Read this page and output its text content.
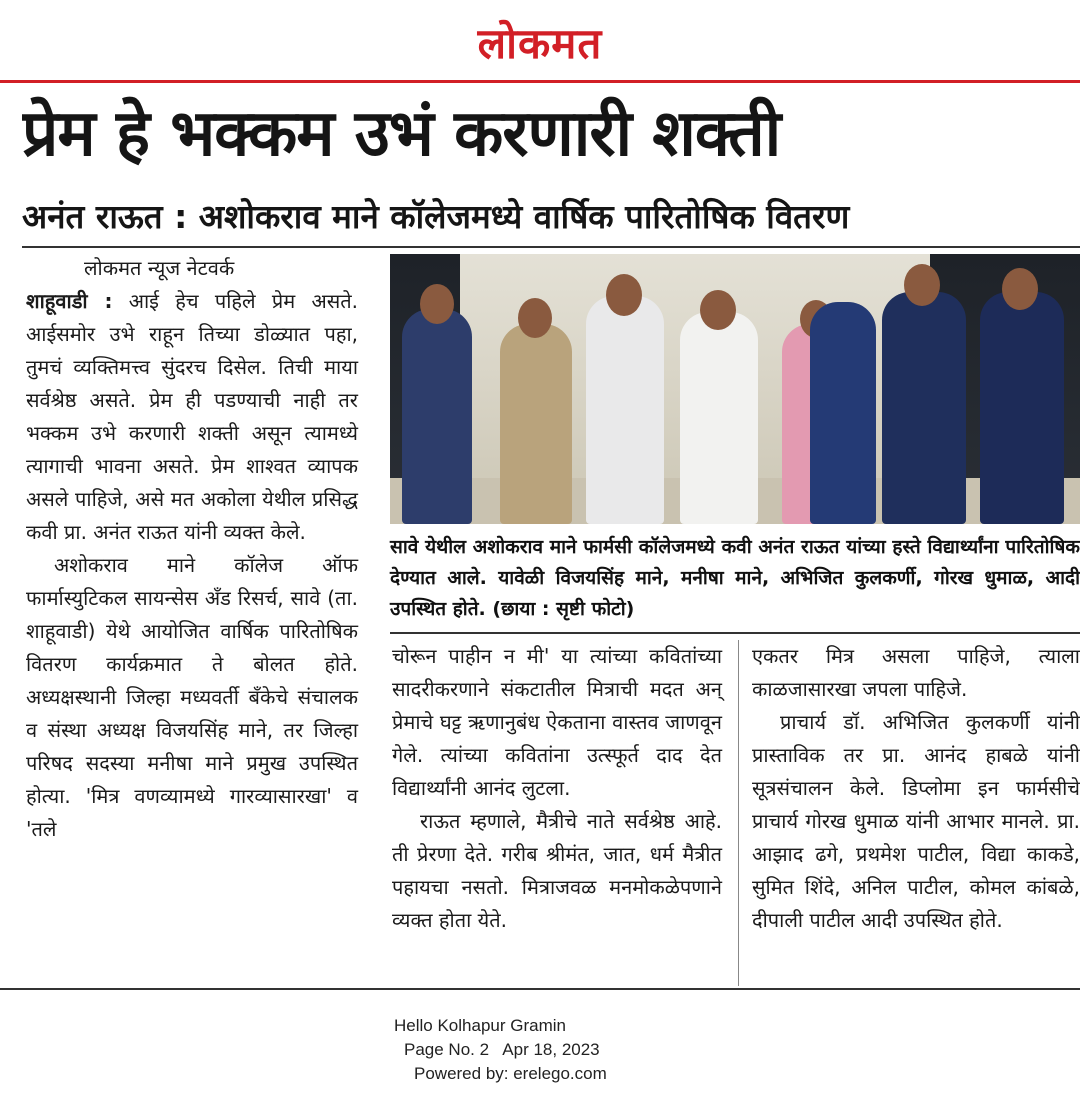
लोकमत
प्रेम हे भक्कम उभं करणारी शक्ती
अनंत राऊत : अशोकराव माने कॉलेजमध्ये वार्षिक पारितोषिक वितरण

लोकमत न्यूज नेटवर्क

शाहूवाडी : आई हेच पहिले प्रेम असते. आईसमोर उभे राहून तिच्या डोळ्यात पहा, तुमचं व्यक्तिमत्त्व सुंदरच दिसेल. तिची माया सर्वश्रेष्ठ असते. प्रेम ही पडण्याची नाही तर भक्कम उभे करणारी शक्ती असून त्यामध्ये त्यागाची भावना असते. प्रेम शाश्वत व्यापक असले पाहिजे, असे मत अकोला येथील प्रसिद्ध कवी प्रा. अनंत राऊत यांनी व्यक्त केले.

अशोकराव माने कॉलेज ऑफ फार्मास्युटिकल सायन्सेस अँड रिसर्च, सावे (ता. शाहूवाडी) येथे आयोजित वार्षिक पारितोषिक वितरण कार्यक्रमात ते बोलत होते. अध्यक्षस्थानी जिल्हा मध्यवर्ती बँकेचे संचालक व संस्था अध्यक्ष विजयसिंह माने, तर जिल्हा परिषद सदस्या मनीषा माने प्रमुख उपस्थित होत्या. 'मित्र वणव्यामध्ये गारव्यासारखा' व 'तले

सावे येथील अशोकराव माने फार्मसी कॉलेजमध्ये कवी अनंत राऊत यांच्या हस्ते विद्यार्थ्यांना पारितोषिक देण्यात आले. यावेळी विजयसिंह माने, मनीषा माने, अभिजित कुलकर्णी, गोरख धुमाळ, आदी उपस्थित होते. (छाया : सृष्टी फोटो)

चोरून पाहीन न मी' या त्यांच्या कवितांच्या सादरीकरणाने संकटातील मित्राची मदत अन् प्रेमाचे घट्ट ऋणानुबंध ऐकताना वास्तव जाणवून गेले. त्यांच्या कवितांना उत्स्फूर्त दाद देत विद्यार्थ्यांनी आनंद लुटला.

राऊत म्हणाले, मैत्रीचे नाते सर्वश्रेष्ठ आहे. ती प्रेरणा देते. गरीब श्रीमंत, जात, धर्म मैत्रीत पहायचा नसतो. मित्राजवळ मनमोकळेपणाने व्यक्त होता येते.

एकतर मित्र असला पाहिजे, त्याला काळजासारखा जपला पाहिजे.

प्राचार्य डॉ. अभिजित कुलकर्णी यांनी प्रास्ताविक तर प्रा. आनंद हाबळे यांनी सूत्रसंचालन केले. डिप्लोमा इन फार्मसीचे प्राचार्य गोरख धुमाळ यांनी आभार मानले. प्रा. आझाद ढगे, प्रथमेश पाटील, विद्या काकडे, सुमित शिंदे, अनिल पाटील, कोमल कांबळे, दीपाली पाटील आदी उपस्थित होते.

Hello Kolhapur Gramin
Page No. 2   Apr 18, 2023
Powered by: erelego.com
